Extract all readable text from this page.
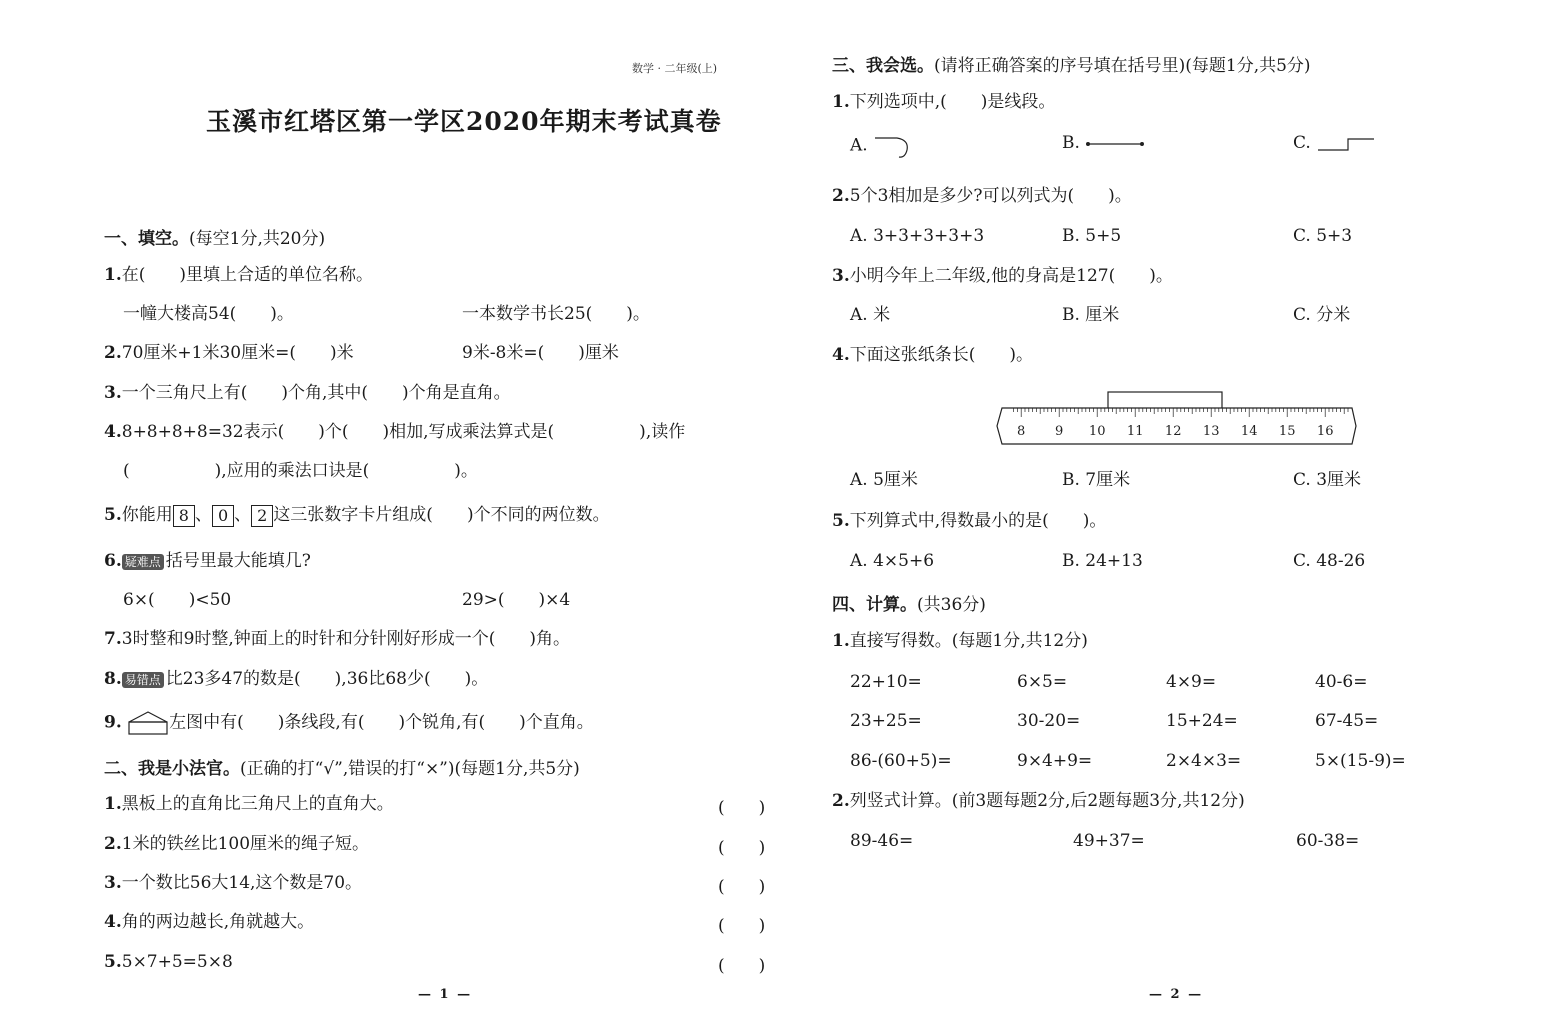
数学 · 二年级(上)
玉溪市红塔区第一学区2020年期末考试真卷
一、填空。(每空1分,共20分)
1.在(　　)里填上合适的单位名称。
一幢大楼高54(　　)。	一本数学书长25(　　)。
2.70厘米+1米30厘米=(　　)米	9米-8米=(　　)厘米
3.一个三角尺上有(　　)个角,其中(　　)个角是直角。
4.8+8+8+8=32表示(　　)个(　　)相加,写成乘法算式是(　　　　　),读作
(　　　　　),应用的乘法口诀是(　　　　　)。
5.你能用 8 、 0 、 2 这三张数字卡片组成(　　)个不同的两位数。
6. 疑难点 括号里最大能填几?
6×(　　)<50	29>(　　)×4
7.3时整和9时整,钟面上的时针和分针刚好形成一个(　　)角。
8. 易错点 比23多47的数是(　　),36比68少(　　)。
9.	左图中有(　　)条线段,有(　　)个锐角,有(　　)个直角。
二、我是小法官。(正确的打“√”,错误的打“×”)(每题1分,共5分)
1.黑板上的直角比三角尺上的直角大。	(　　)
2.1米的铁丝比100厘米的绳子短。	(　　)
3.一个数比56大14,这个数是70。	(　　)
4.角的两边越长,角就越大。	(　　)
5.5×7+5=5×8	(　　)
— 1 —
三、我会选。(请将正确答案的序号填在括号里)(每题1分,共5分)
1.下列选项中,(　　)是线段。
A.	B.	C.
2.5个3相加是多少?可以列式为(　　)。
A. 3+3+3+3+3	B. 5+5	C. 5+3
3.小明今年上二年级,他的身高是127(　　)。
A. 米	B. 厘米	C. 分米
4.下面这张纸条长(　　)。
8 9 10 11 12 13 14 15 16
A. 5厘米	B. 7厘米	C. 3厘米
5.下列算式中,得数最小的是(　　)。
A. 4×5+6	B. 24+13	C. 48-26
四、计算。(共36分)
1.直接写得数。(每题1分,共12分)
22+10=	6×5=	4×9=	40-6=
23+25=	30-20=	15+24=	67-45=
86-(60+5)=	9×4+9=	2×4×3=	5×(15-9)=
2.列竖式计算。(前3题每题2分,后2题每题3分,共12分)
89-46=	49+37=	60-38=
— 2 —
